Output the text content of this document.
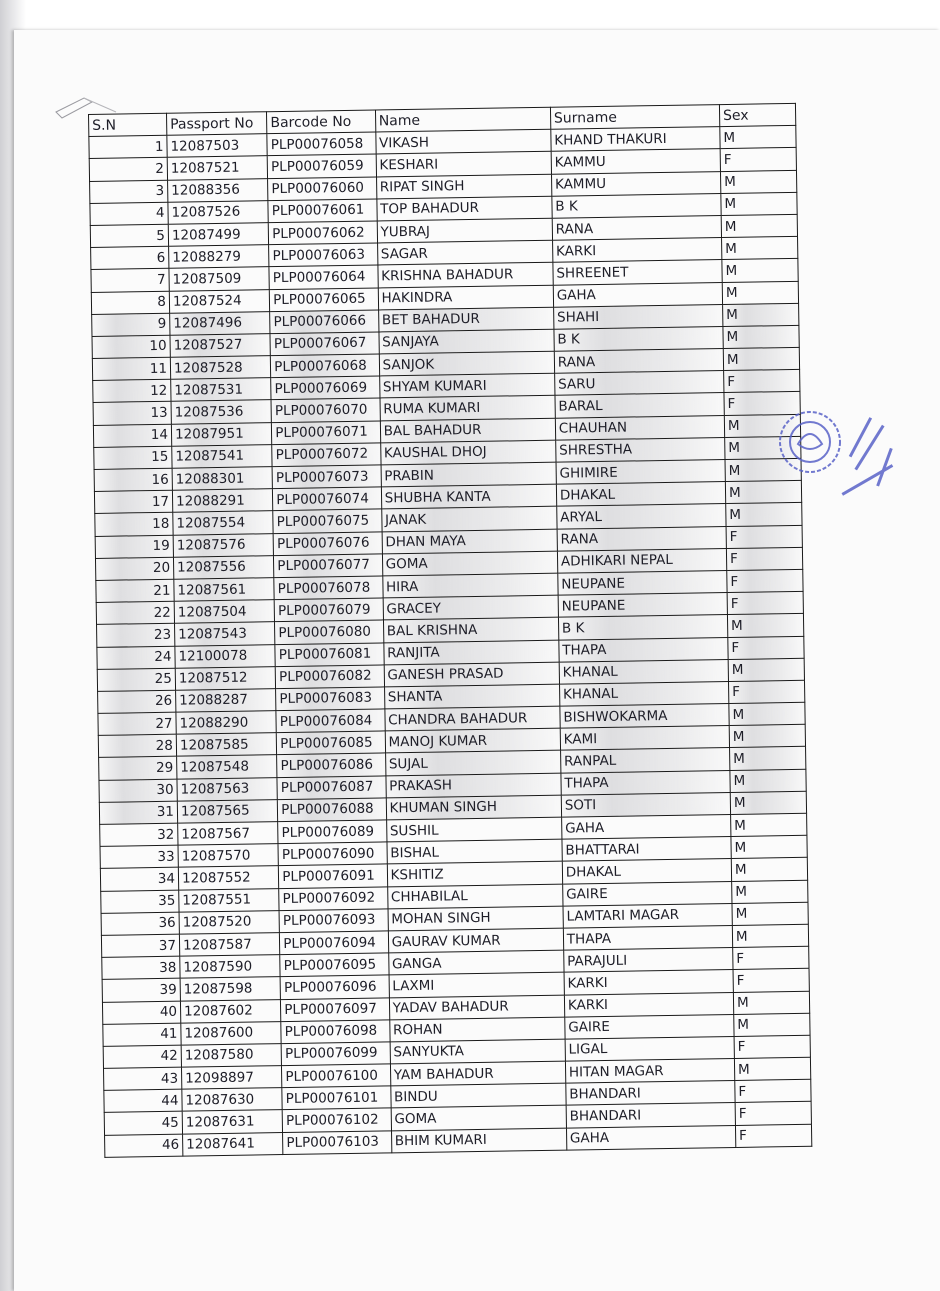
S.N	Passport No	Barcode No	Name	Surname	Sex
1	12087503	PLP00076058	VIKASH	KHAND THAKURI	M
2	12087521	PLP00076059	KESHARI	KAMMU	F
3	12088356	PLP00076060	RIPAT SINGH	KAMMU	M
4	12087526	PLP00076061	TOP BAHADUR	B K	M
5	12087499	PLP00076062	YUBRAJ	RANA	M
6	12088279	PLP00076063	SAGAR	KARKI	M
7	12087509	PLP00076064	KRISHNA BAHADUR	SHREENET	M
8	12087524	PLP00076065	HAKINDRA	GAHA	M
9	12087496	PLP00076066	BET BAHADUR	SHAHI	M
10	12087527	PLP00076067	SANJAYA	B K	M
11	12087528	PLP00076068	SANJOK	RANA	M
12	12087531	PLP00076069	SHYAM KUMARI	SARU	F
13	12087536	PLP00076070	RUMA KUMARI	BARAL	F
14	12087951	PLP00076071	BAL BAHADUR	CHAUHAN	M
15	12087541	PLP00076072	KAUSHAL DHOJ	SHRESTHA	M
16	12088301	PLP00076073	PRABIN	GHIMIRE	M
17	12088291	PLP00076074	SHUBHA KANTA	DHAKAL	M
18	12087554	PLP00076075	JANAK	ARYAL	M
19	12087576	PLP00076076	DHAN MAYA	RANA	F
20	12087556	PLP00076077	GOMA	ADHIKARI NEPAL	F
21	12087561	PLP00076078	HIRA	NEUPANE	F
22	12087504	PLP00076079	GRACEY	NEUPANE	F
23	12087543	PLP00076080	BAL KRISHNA	B K	M
24	12100078	PLP00076081	RANJITA	THAPA	F
25	12087512	PLP00076082	GANESH PRASAD	KHANAL	M
26	12088287	PLP00076083	SHANTA	KHANAL	F
27	12088290	PLP00076084	CHANDRA BAHADUR	BISHWOKARMA	M
28	12087585	PLP00076085	MANOJ KUMAR	KAMI	M
29	12087548	PLP00076086	SUJAL	RANPAL	M
30	12087563	PLP00076087	PRAKASH	THAPA	M
31	12087565	PLP00076088	KHUMAN SINGH	SOTI	M
32	12087567	PLP00076089	SUSHIL	GAHA	M
33	12087570	PLP00076090	BISHAL	BHATTARAI	M
34	12087552	PLP00076091	KSHITIZ	DHAKAL	M
35	12087551	PLP00076092	CHHABILAL	GAIRE	M
36	12087520	PLP00076093	MOHAN SINGH	LAMTARI MAGAR	M
37	12087587	PLP00076094	GAURAV KUMAR	THAPA	M
38	12087590	PLP00076095	GANGA	PARAJULI	F
39	12087598	PLP00076096	LAXMI	KARKI	F
40	12087602	PLP00076097	YADAV BAHADUR	KARKI	M
41	12087600	PLP00076098	ROHAN	GAIRE	M
42	12087580	PLP00076099	SANYUKTA	LIGAL	F
43	12098897	PLP00076100	YAM BAHADUR	HITAN MAGAR	M
44	12087630	PLP00076101	BINDU	BHANDARI	F
45	12087631	PLP00076102	GOMA	BHANDARI	F
46	12087641	PLP00076103	BHIM KUMARI	GAHA	F
